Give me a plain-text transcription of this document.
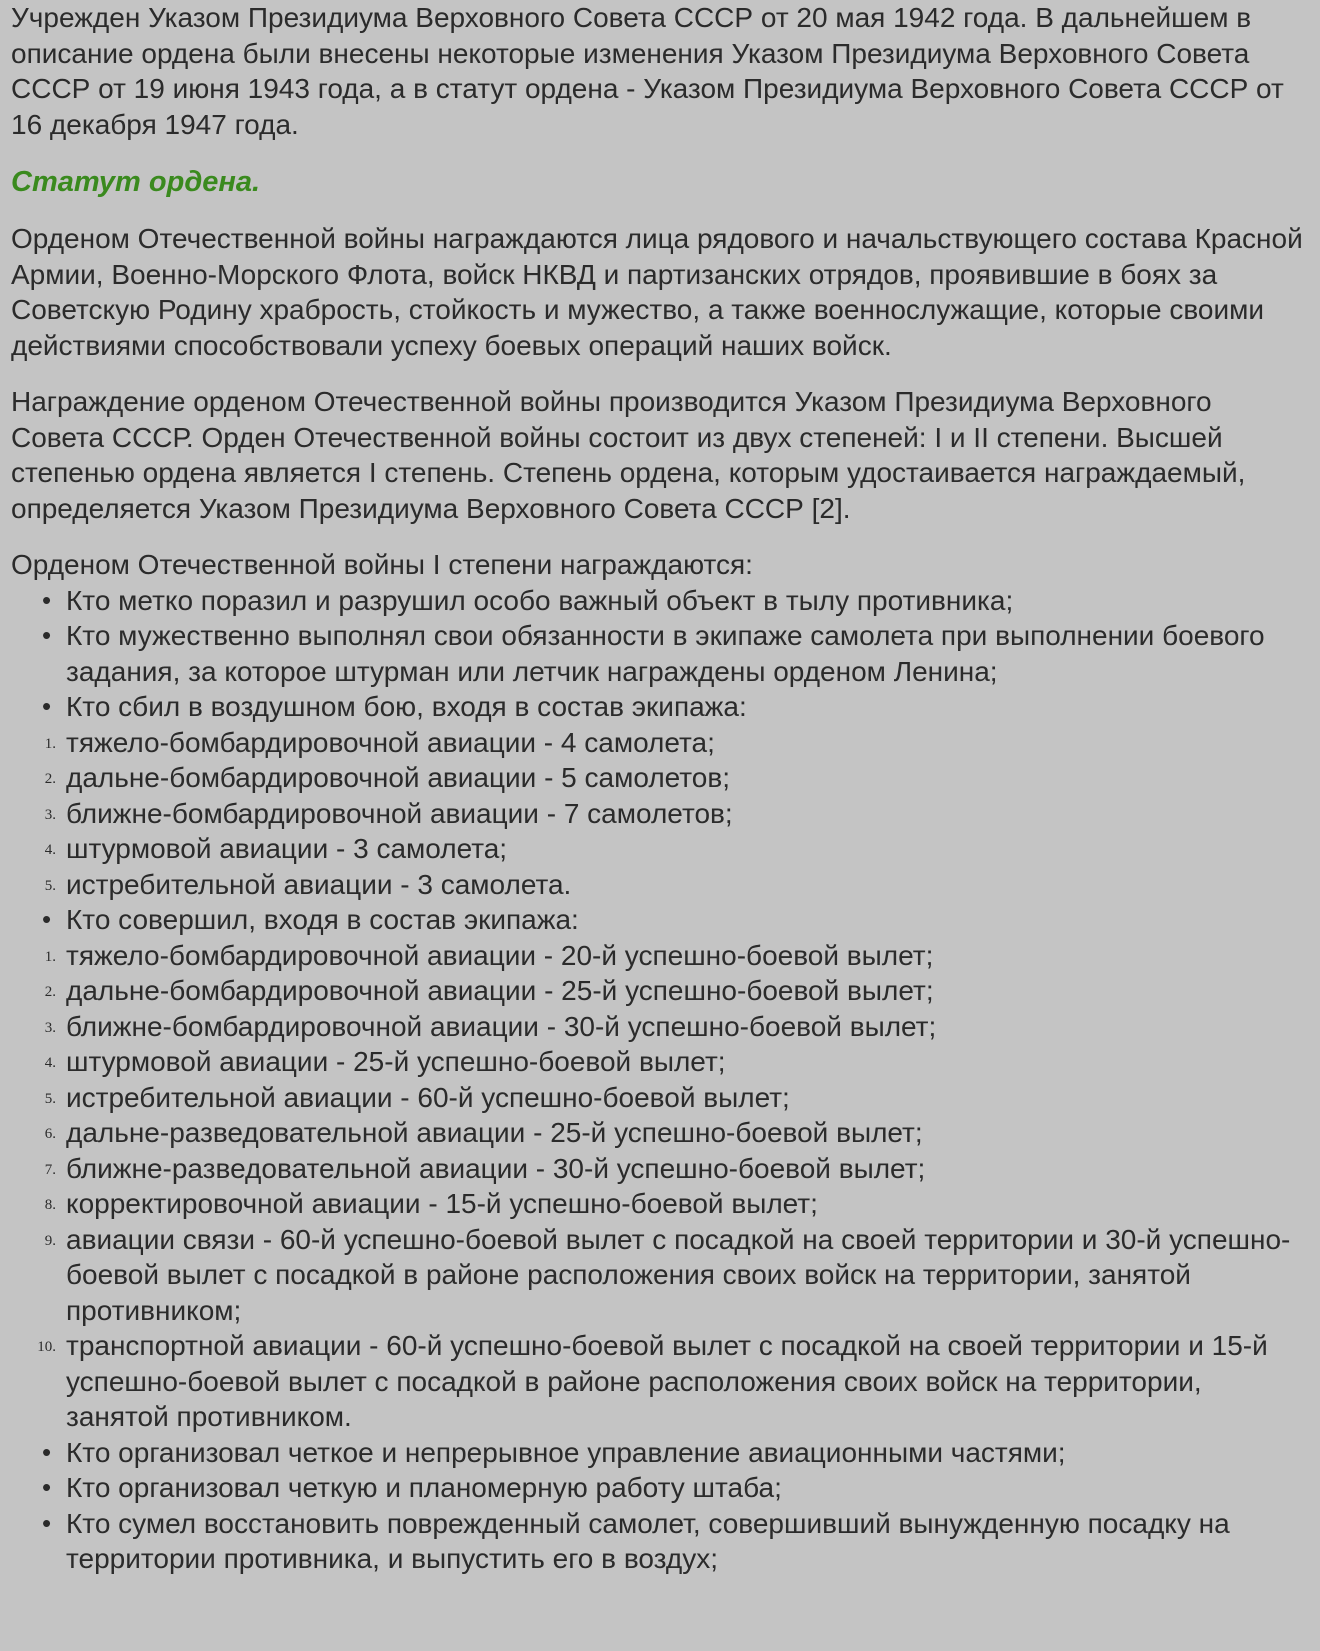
Учрежден Указом Президиума Верховного Совета СССР от 20 мая 1942 года. В дальнейшем в описание ордена были внесены некоторые изменения Указом Президиума Верховного Совета СССР от 19 июня 1943 года, а в статут ордена - Указом Президиума Верховного Совета СССР от 16 декабря 1947 года.

Статут ордена.

Орденом Отечественной войны награждаются лица рядового и начальствующего состава Красной Армии, Военно-Морского Флота, войск НКВД и партизанских отрядов, проявившие в боях за Советскую Родину храбрость, стойкость и мужество, а также военнослужащие, которые своими действиями способствовали успеху боевых операций наших войск.

Награждение орденом Отечественной войны производится Указом Президиума Верховного Совета СССР. Орден Отечественной войны состоит из двух степеней: I и II степени. Высшей степенью ордена является I степень. Степень ордена, которым удостаивается награждаемый, определяется Указом Президиума Верховного Совета СССР [2].

Орденом Отечественной войны I степени награждаются:

• Кто метко поразил и разрушил особо важный объект в тылу противника;
• Кто мужественно выполнял свои обязанности в экипаже самолета при выполнении боевого задания, за которое штурман или летчик награждены орденом Ленина;
• Кто сбил в воздушном бою, входя в состав экипажа:
1. тяжело-бомбардировочной авиации - 4 самолета;
2. дальне-бомбардировочной авиации - 5 самолетов;
3. ближне-бомбардировочной авиации - 7 самолетов;
4. штурмовой авиации - 3 самолета;
5. истребительной авиации - 3 самолета.
• Кто совершил, входя в состав экипажа:
1. тяжело-бомбардировочной авиации - 20-й успешно-боевой вылет;
2. дальне-бомбардировочной авиации - 25-й успешно-боевой вылет;
3. ближне-бомбардировочной авиации - 30-й успешно-боевой вылет;
4. штурмовой авиации - 25-й успешно-боевой вылет;
5. истребительной авиации - 60-й успешно-боевой вылет;
6. дальне-разведовательной авиации - 25-й успешно-боевой вылет;
7. ближне-разведовательной авиации - 30-й успешно-боевой вылет;
8. корректировочной авиации - 15-й успешно-боевой вылет;
9. авиации связи - 60-й успешно-боевой вылет с посадкой на своей территории и 30-й успешно-боевой вылет с посадкой в районе расположения своих войск на территории, занятой противником;
10. транспортной авиации - 60-й успешно-боевой вылет с посадкой на своей территории и 15-й успешно-боевой вылет с посадкой в районе расположения своих войск на территории, занятой противником.
• Кто организовал четкое и непрерывное управление авиационными частями;
• Кто организовал четкую и планомерную работу штаба;
• Кто сумел восстановить поврежденный самолет, совершивший вынужденную посадку на территории противника, и выпустить его в воздух;
